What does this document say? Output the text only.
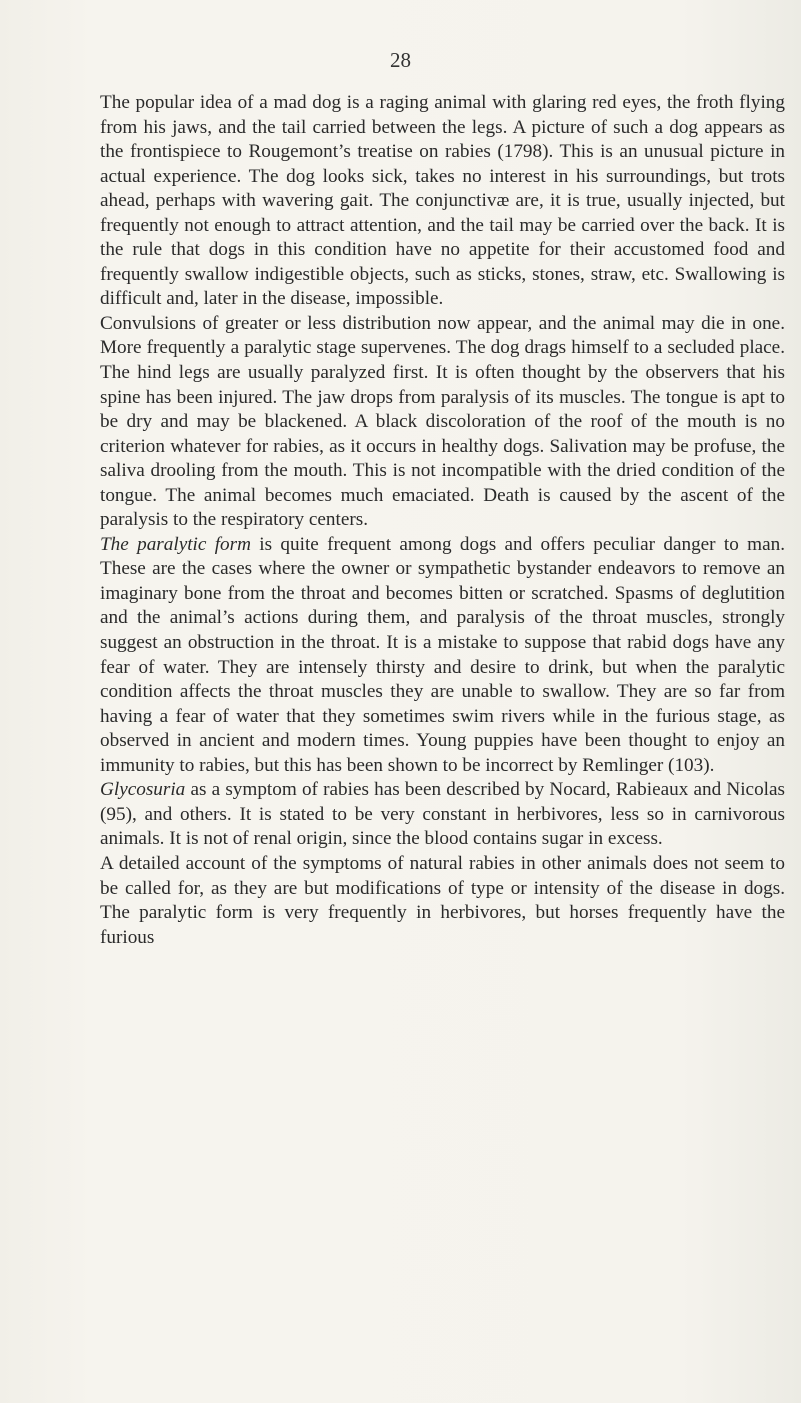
28

The popular idea of a mad dog is a raging animal with glaring red eyes, the froth flying from his jaws, and the tail carried between the legs. A picture of such a dog appears as the frontispiece to Rougemont’s treatise on rabies (1798). This is an unusual picture in actual experience. The dog looks sick, takes no interest in his surroundings, but trots ahead, perhaps with wavering gait. The conjunctivæ are, it is true, usually injected, but frequently not enough to attract attention, and the tail may be carried over the back. It is the rule that dogs in this condition have no appetite for their accustomed food and frequently swallow indigestible objects, such as sticks, stones, straw, etc. Swallowing is difficult and, later in the disease, impossible.

Convulsions of greater or less distribution now appear, and the animal may die in one. More frequently a paralytic stage supervenes. The dog drags himself to a secluded place. The hind legs are usually paralyzed first. It is often thought by the observers that his spine has been injured. The jaw drops from paralysis of its muscles. The tongue is apt to be dry and may be blackened. A black discoloration of the roof of the mouth is no criterion whatever for rabies, as it occurs in healthy dogs. Salivation may be profuse, the saliva drooling from the mouth. This is not incompatible with the dried condition of the tongue. The animal becomes much emaciated. Death is caused by the ascent of the paralysis to the respiratory centers.

The paralytic form is quite frequent among dogs and offers peculiar danger to man. These are the cases where the owner or sympathetic bystander endeavors to remove an imaginary bone from the throat and becomes bitten or scratched. Spasms of deglutition and the animal’s actions during them, and paralysis of the throat muscles, strongly suggest an obstruction in the throat. It is a mistake to suppose that rabid dogs have any fear of water. They are intensely thirsty and desire to drink, but when the paralytic condition affects the throat muscles they are unable to swallow. They are so far from having a fear of water that they sometimes swim rivers while in the furious stage, as observed in ancient and modern times. Young puppies have been thought to enjoy an immunity to rabies, but this has been shown to be incorrect by Remlinger (103).

Glycosuria as a symptom of rabies has been described by Nocard, Rabieaux and Nicolas (95), and others. It is stated to be very constant in herbivores, less so in carnivorous animals. It is not of renal origin, since the blood contains sugar in excess.

A detailed account of the symptoms of natural rabies in other animals does not seem to be called for, as they are but modifications of type or intensity of the disease in dogs. The paralytic form is very frequently in herbivores, but horses frequently have the furious
